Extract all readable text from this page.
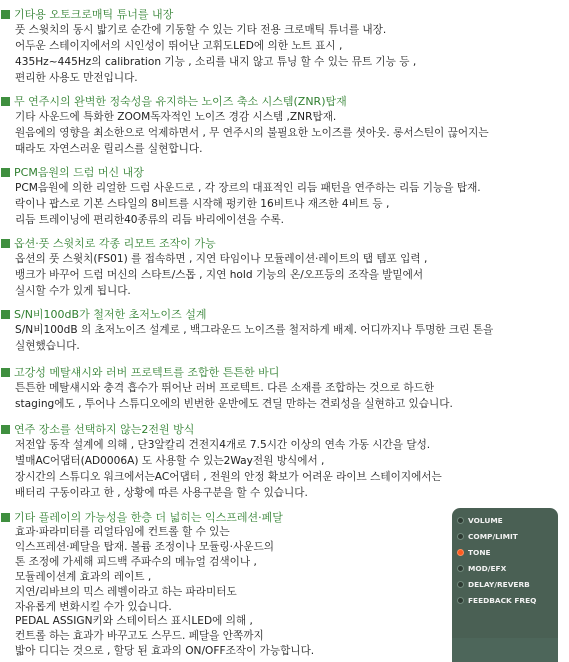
기타용 오토크로매틱 튜너를 내장
풋 스윗치의 동시 밟기로 순간에 기동할 수 있는 기타 전용 크로매틱 튜너를 내장.
어두운 스테이지에서의 시인성이 뛰어난 고휘도LED에 의한 노트 표시 ,
435Hz~445Hz의 calibration 기능 , 소리를 내지 않고 튜닝 할 수 있는 뮤트 기능 등 ,
편리한 사용도 만전입니다.
무 연주시의 완벽한 정숙성을 유지하는 노이즈 축소 시스템(ZNR)탑재
기타 사운드에 특화한 ZOOM독자적인 노이즈 경감 시스템 ,ZNR탑재.
원음에의 영향을 최소한으로 억제하면서 , 무 연주시의 불필요한 노이즈를 셧아웃. 롱서스틴이 끊어지는
때라도 자연스러운 릴리스를 실현합니다.
PCM음원의 드럼 머신 내장
PCM음원에 의한 리얼한 드럼 사운드로 , 각 장르의 대표적인 리듬 패턴을 연주하는 리듬 기능을 탑재.
락이나 팝스로 기본 스타일의 8비트를 시작해 펑키한 16비트나 재즈한 4비트 등 ,
리듬 트레이닝에 편리한40종류의 리듬 바리에이션을 수록.
옵션·풋 스윗치로 각종 리모트 조작이 가능
옵션의 풋 스윗치(FS01) 를 접속하면 , 지연 타임이나 모듈레이션·레이트의 탭 템포 입력 ,
뱅크가 바꾸어 드럼 머신의 스타트/스톱 , 지연 hold 기능의 온/오프등의 조작을 발밑에서
실시할 수가 있게 됩니다.
S/N비100dB가 철저한 초저노이즈 설계
S/N비100dB 의 초저노이즈 설계로 , 백그라운드 노이즈를 철저하게 배제. 어디까지나 투명한 크린 톤을
실현했습니다.
고강성 메탈섀시와 러버 프로텍트를 조합한 튼튼한 바디
튼튼한 메탈섀시와 충격 흡수가 뛰어난 러버 프로텍트. 다른 소재를 조합하는 것으로 하드한
staging에도 , 투어나 스튜디오에의 빈번한 운반에도 견딜 만하는 견뢰성을 실현하고 있습니다.
연주 장소를 선택하지 않는2전원 방식
저전압 동작 설계에 의해 , 단3알칼리 건전지4개로 7.5시간 이상의 연속 가동 시간을 달성.
별매AC어댑터(AD0006A) 도 사용할 수 있는2Way전원 방식에서 ,
장시간의 스튜디오 워크에서는AC어댑터 , 전원의 안정 확보가 어려운 라이브 스테이지에서는
배터리 구동이라고 한 , 상황에 따른 사용구분을 할 수 있습니다.
기타 플레이의 가능성을 한층 더 넓히는 익스프레션·페달
효과·파라미터를 리얼타임에 컨트롤 할 수 있는
익스프레션·페달을 탑재. 볼륨 조정이나 모듈링·사운드의
톤 조정에 가세해 피드백 주파수의 메뉴얼 검색이나 ,
모듈레이션계 효과의 레이트 ,
지연/리바브의 믹스 레벨이라고 하는 파라미터도
자유롭게 변화시킬 수가 있습니다.
PEDAL ASSIGN키와 스테이터스 표시LED에 의해 ,
컨트롤 하는 효과가 바꾸고도 스무드. 페달을 안쪽까지
밟아 디디는 것으로 , 할당 된 효과의 ON/OFF조작이 가능합니다.
VOLUME
COMP/LIMIT
TONE
MOD/EFX
DELAY/REVERB
FEEDBACK FREQ
